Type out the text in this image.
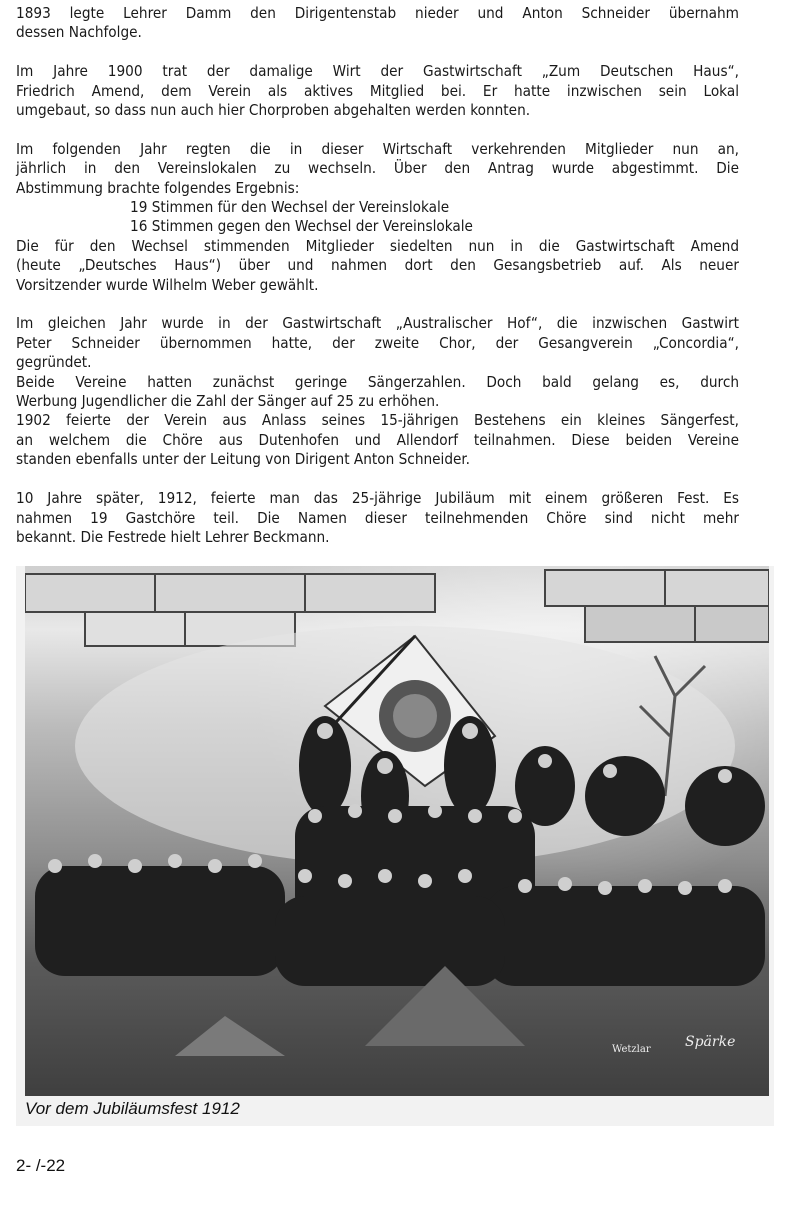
1893 legte Lehrer Damm den Dirigentenstab nieder und Anton Schneider übernahm
dessen Nachfolge.

Im Jahre 1900 trat der damalige Wirt der Gastwirtschaft „Zum Deutschen Haus“,
Friedrich Amend, dem Verein als aktives Mitglied bei. Er hatte inzwischen sein Lokal
umgebaut, so dass nun auch hier Chorproben abgehalten werden konnten.

Im folgenden Jahr regten die in dieser Wirtschaft verkehrenden Mitglieder nun an,
jährlich in den Vereinslokalen zu wechseln. Über den Antrag wurde abgestimmt. Die
Abstimmung brachte folgendes Ergebnis:
19 Stimmen für den Wechsel der Vereinslokale
16 Stimmen gegen den Wechsel der Vereinslokale
Die für den Wechsel stimmenden Mitglieder siedelten nun in die Gastwirtschaft Amend
(heute „Deutsches Haus“) über und nahmen dort den Gesangsbetrieb auf. Als neuer
Vorsitzender wurde Wilhelm Weber gewählt.

Im gleichen Jahr wurde in der Gastwirtschaft „Australischer Hof“, die inzwischen Gastwirt
Peter Schneider übernommen hatte, der zweite Chor, der Gesangverein „Concordia“,
gegründet.
Beide Vereine hatten zunächst geringe Sängerzahlen. Doch bald gelang es, durch
Werbung Jugendlicher die Zahl der Sänger auf 25 zu erhöhen.
1902 feierte der Verein aus Anlass seines 15-jährigen Bestehens ein kleines Sängerfest,
an welchem die Chöre aus Dutenhofen und Allendorf teilnahmen. Diese beiden Vereine
standen ebenfalls unter der Leitung von Dirigent Anton Schneider.

10 Jahre später, 1912, feierte man das 25-jährige Jubiläum mit einem größeren Fest. Es
nahmen 19 Gastchöre teil. Die Namen dieser teilnehmenden Chöre sind nicht mehr
bekannt. Die Festrede hielt Lehrer Beckmann.

Wetzlar Spärke
Vor dem Jubiläumsfest 1912
2- /-22
